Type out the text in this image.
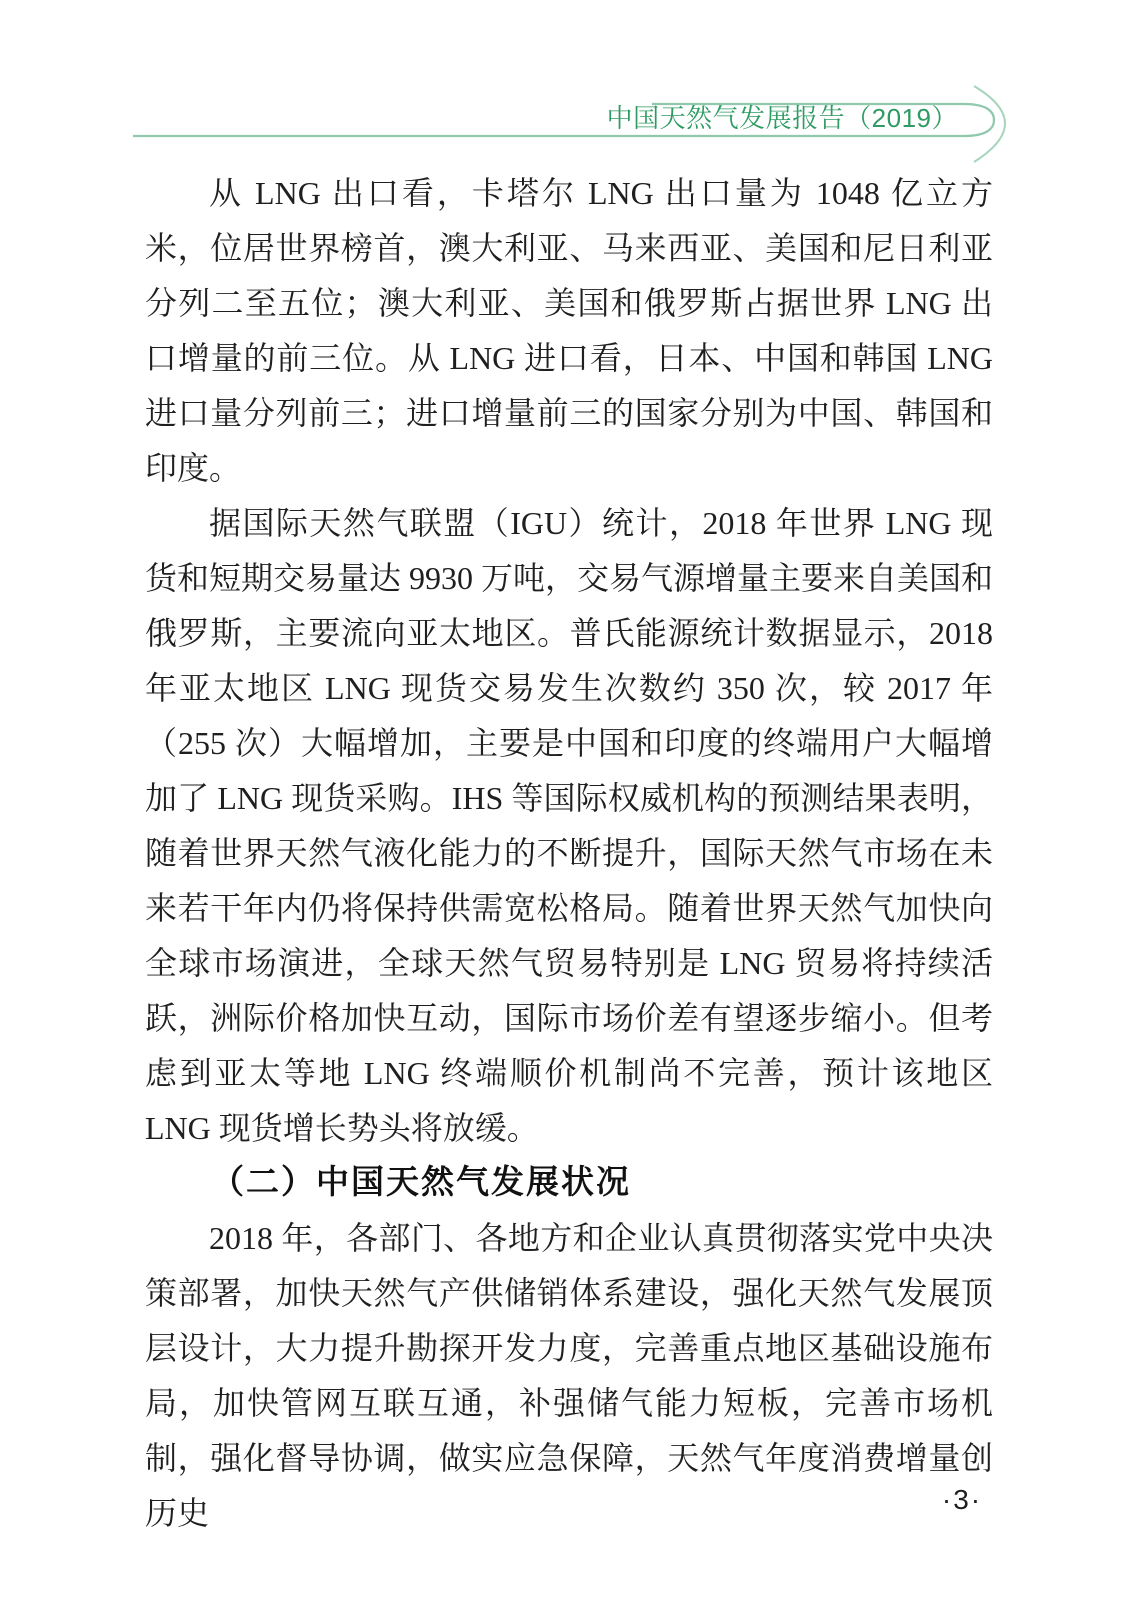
中国天然气发展报告（2019）

从 LNG 出口看，卡塔尔 LNG 出口量为 1048 亿立方米，位居世界榜首，澳大利亚、马来西亚、美国和尼日利亚分列二至五位；澳大利亚、美国和俄罗斯占据世界 LNG 出口增量的前三位。从 LNG 进口看，日本、中国和韩国 LNG 进口量分列前三；进口增量前三的国家分别为中国、韩国和印度。

据国际天然气联盟（IGU）统计，2018 年世界 LNG 现货和短期交易量达 9930 万吨，交易气源增量主要来自美国和俄罗斯，主要流向亚太地区。普氏能源统计数据显示，2018 年亚太地区 LNG 现货交易发生次数约 350 次，较 2017 年（255 次）大幅增加，主要是中国和印度的终端用户大幅增加了 LNG 现货采购。IHS 等国际权威机构的预测结果表明，随着世界天然气液化能力的不断提升，国际天然气市场在未来若干年内仍将保持供需宽松格局。随着世界天然气加快向全球市场演进，全球天然气贸易特别是 LNG 贸易将持续活跃，洲际价格加快互动，国际市场价差有望逐步缩小。但考虑到亚太等地 LNG 终端顺价机制尚不完善，预计该地区 LNG 现货增长势头将放缓。

（二）中国天然气发展状况

2018 年，各部门、各地方和企业认真贯彻落实党中央决策部署，加快天然气产供储销体系建设，强化天然气发展顶层设计，大力提升勘探开发力度，完善重点地区基础设施布局，加快管网互联互通，补强储气能力短板，完善市场机制，强化督导协调，做实应急保障，天然气年度消费增量创历史	·3·
